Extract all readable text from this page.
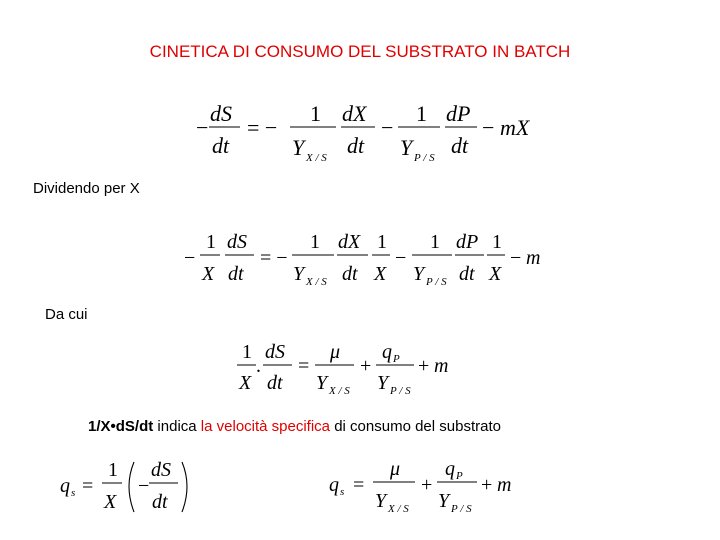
CINETICA DI CONSUMO DEL SUBSTRATO IN BATCH
−
dS
dt
= −
1
Y X / S
dX
dt
−
1
Y P / S
dP
dt
− mX
Dividendo per X
−
1
X
dS
dt
= −
1
Y X / S
dX
dt
1
X
−
1
Y P / S
dP
dt
1
X
− m
Da cui
1
X
.
dS
dt
=
μ
Y X / S
+
q P
Y P / S
+ m
1/X•dS/dt indica la velocità specifica di consumo del substrato
q s =
1
X
−
dS
dt
q s =
μ
Y X / S
+
q P
Y P / S
+ m
